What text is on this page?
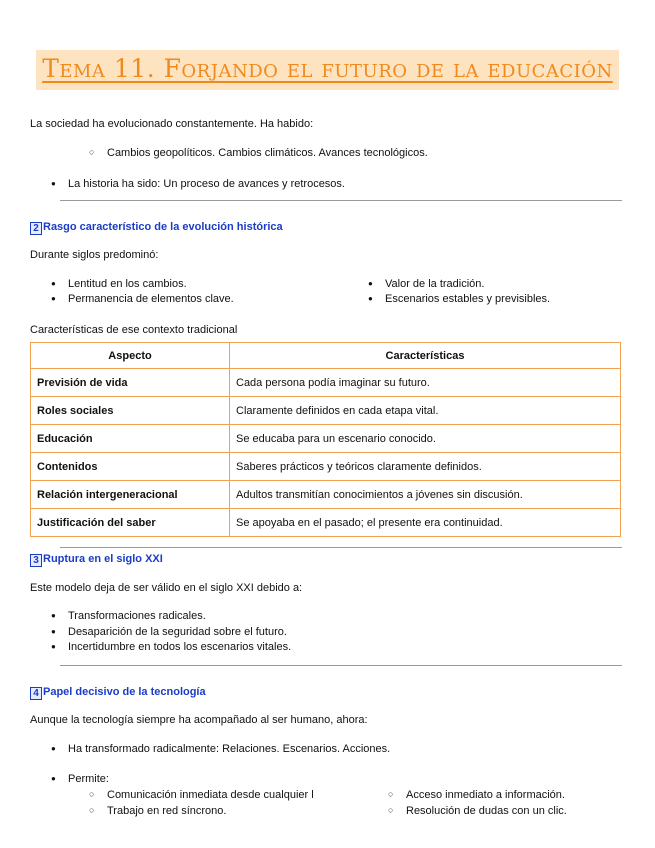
Tema 11. Forjando el futuro de la educación
La sociedad ha evolucionado constantemente. Ha habido:
○ Cambios geopolíticos. Cambios climáticos. Avances tecnológicos.
● La historia ha sido: Un proceso de avances y retrocesos.
2 Rasgo característico de la evolución histórica
Durante siglos predominó:
● Lentitud en los cambios.
● Permanencia de elementos clave.
● Valor de la tradición.
● Escenarios estables y previsibles.
Características de ese contexto tradicional
Aspecto	Características
Previsión de vida	Cada persona podía imaginar su futuro.
Roles sociales	Claramente definidos en cada etapa vital.
Educación	Se educaba para un escenario conocido.
Contenidos	Saberes prácticos y teóricos claramente definidos.
Relación intergeneracional	Adultos transmitían conocimientos a jóvenes sin discusión.
Justificación del saber	Se apoyaba en el pasado; el presente era continuidad.
3 Ruptura en el siglo XXI
Este modelo deja de ser válido en el siglo XXI debido a:
● Transformaciones radicales.
● Desaparición de la seguridad sobre el futuro.
● Incertidumbre en todos los escenarios vitales.
4 Papel decisivo de la tecnología
Aunque la tecnología siempre ha acompañado al ser humano, ahora:
● Ha transformado radicalmente: Relaciones. Escenarios. Acciones.
● Permite:
○ Comunicación inmediata desde cualquier l
○ Trabajo en red síncrono.
○ Acceso inmediato a información.
○ Resolución de dudas con un clic.
